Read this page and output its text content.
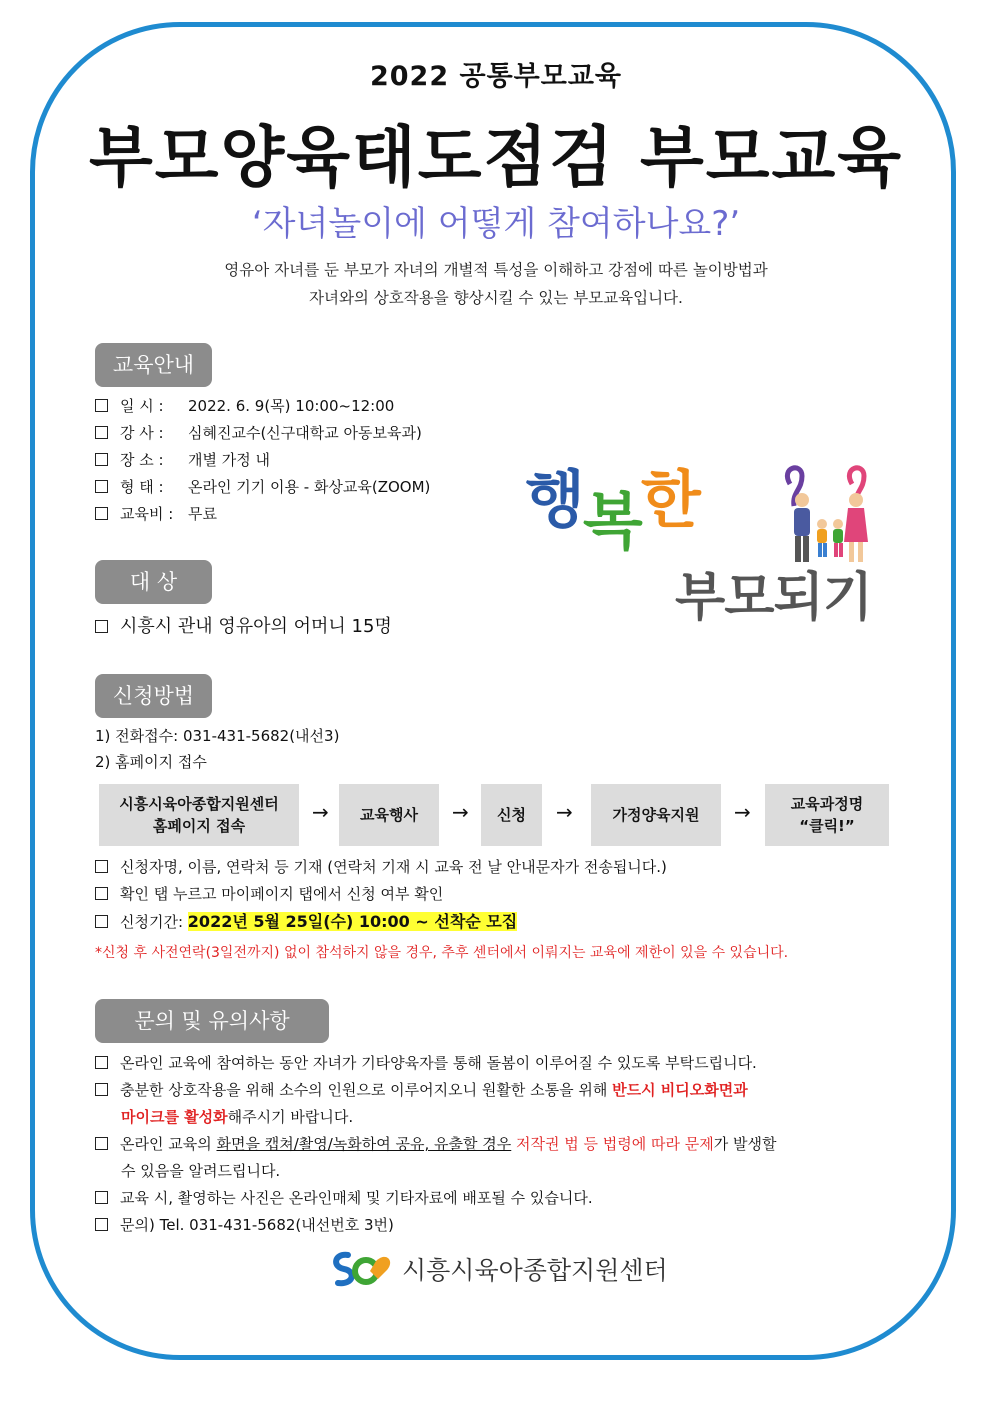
2022 공통부모교육
부모양육태도점검 부모교육
‘자녀놀이에 어떻게 참여하나요?’
영유아 자녀를 둔 부모가 자녀의 개별적 특성을 이해하고 강점에 따른 놀이방법과
자녀와의 상호작용을 향상시킬 수 있는 부모교육입니다.
교육안내
일 시 : 2022. 6. 9(목) 10:00~12:00
강 사 : 심혜진교수(신구대학교 아동보육과)
장 소 : 개별 가정 내
형 태 : 온라인 기기 이용 - 화상교육(ZOOM)
교육비 : 무료	행복한
부모되기
대 상
시흥시 관내 영유아의 어머니 15명
신청방법
1) 전화접수: 031-431-5682(내선3)
2) 홈페이지 접수
시흥시육아종합지원센터
홈페이지 접속
→	교육행사	→	신청	→	가정양육지원	→	교육과정명
“클릭!”
신청자명, 이름, 연락처 등 기재 (연락처 기재 시 교육 전 날 안내문자가 전송됩니다.)
확인 탭 누르고 마이페이지 탭에서 신청 여부 확인
신청기간: 2022년 5월 25일(수) 10:00 ~ 선착순 모집
*신청 후 사전연락(3일전까지) 없이 참석하지 않을 경우, 추후 센터에서 이뤄지는 교육에 제한이 있을 수 있습니다.
문의 및 유의사항
온라인 교육에 참여하는 동안 자녀가 기타양육자를 통해 돌봄이 이루어질 수 있도록 부탁드립니다.
충분한 상호작용을 위해 소수의 인원으로 이루어지오니 원활한 소통을 위해 반드시 비디오화면과
마이크를 활성화해주시기 바랍니다.
온라인 교육의 화면을 캡쳐/촬영/녹화하여 공유, 유출할 경우 저작권 법 등 법령에 따라 문제가 발생할
수 있음을 알려드립니다.
교육 시, 촬영하는 사진은 온라인매체 및 기타자료에 배포될 수 있습니다.
문의) Tel. 031-431-5682(내선번호 3번)
시흥시육아종합지원센터
